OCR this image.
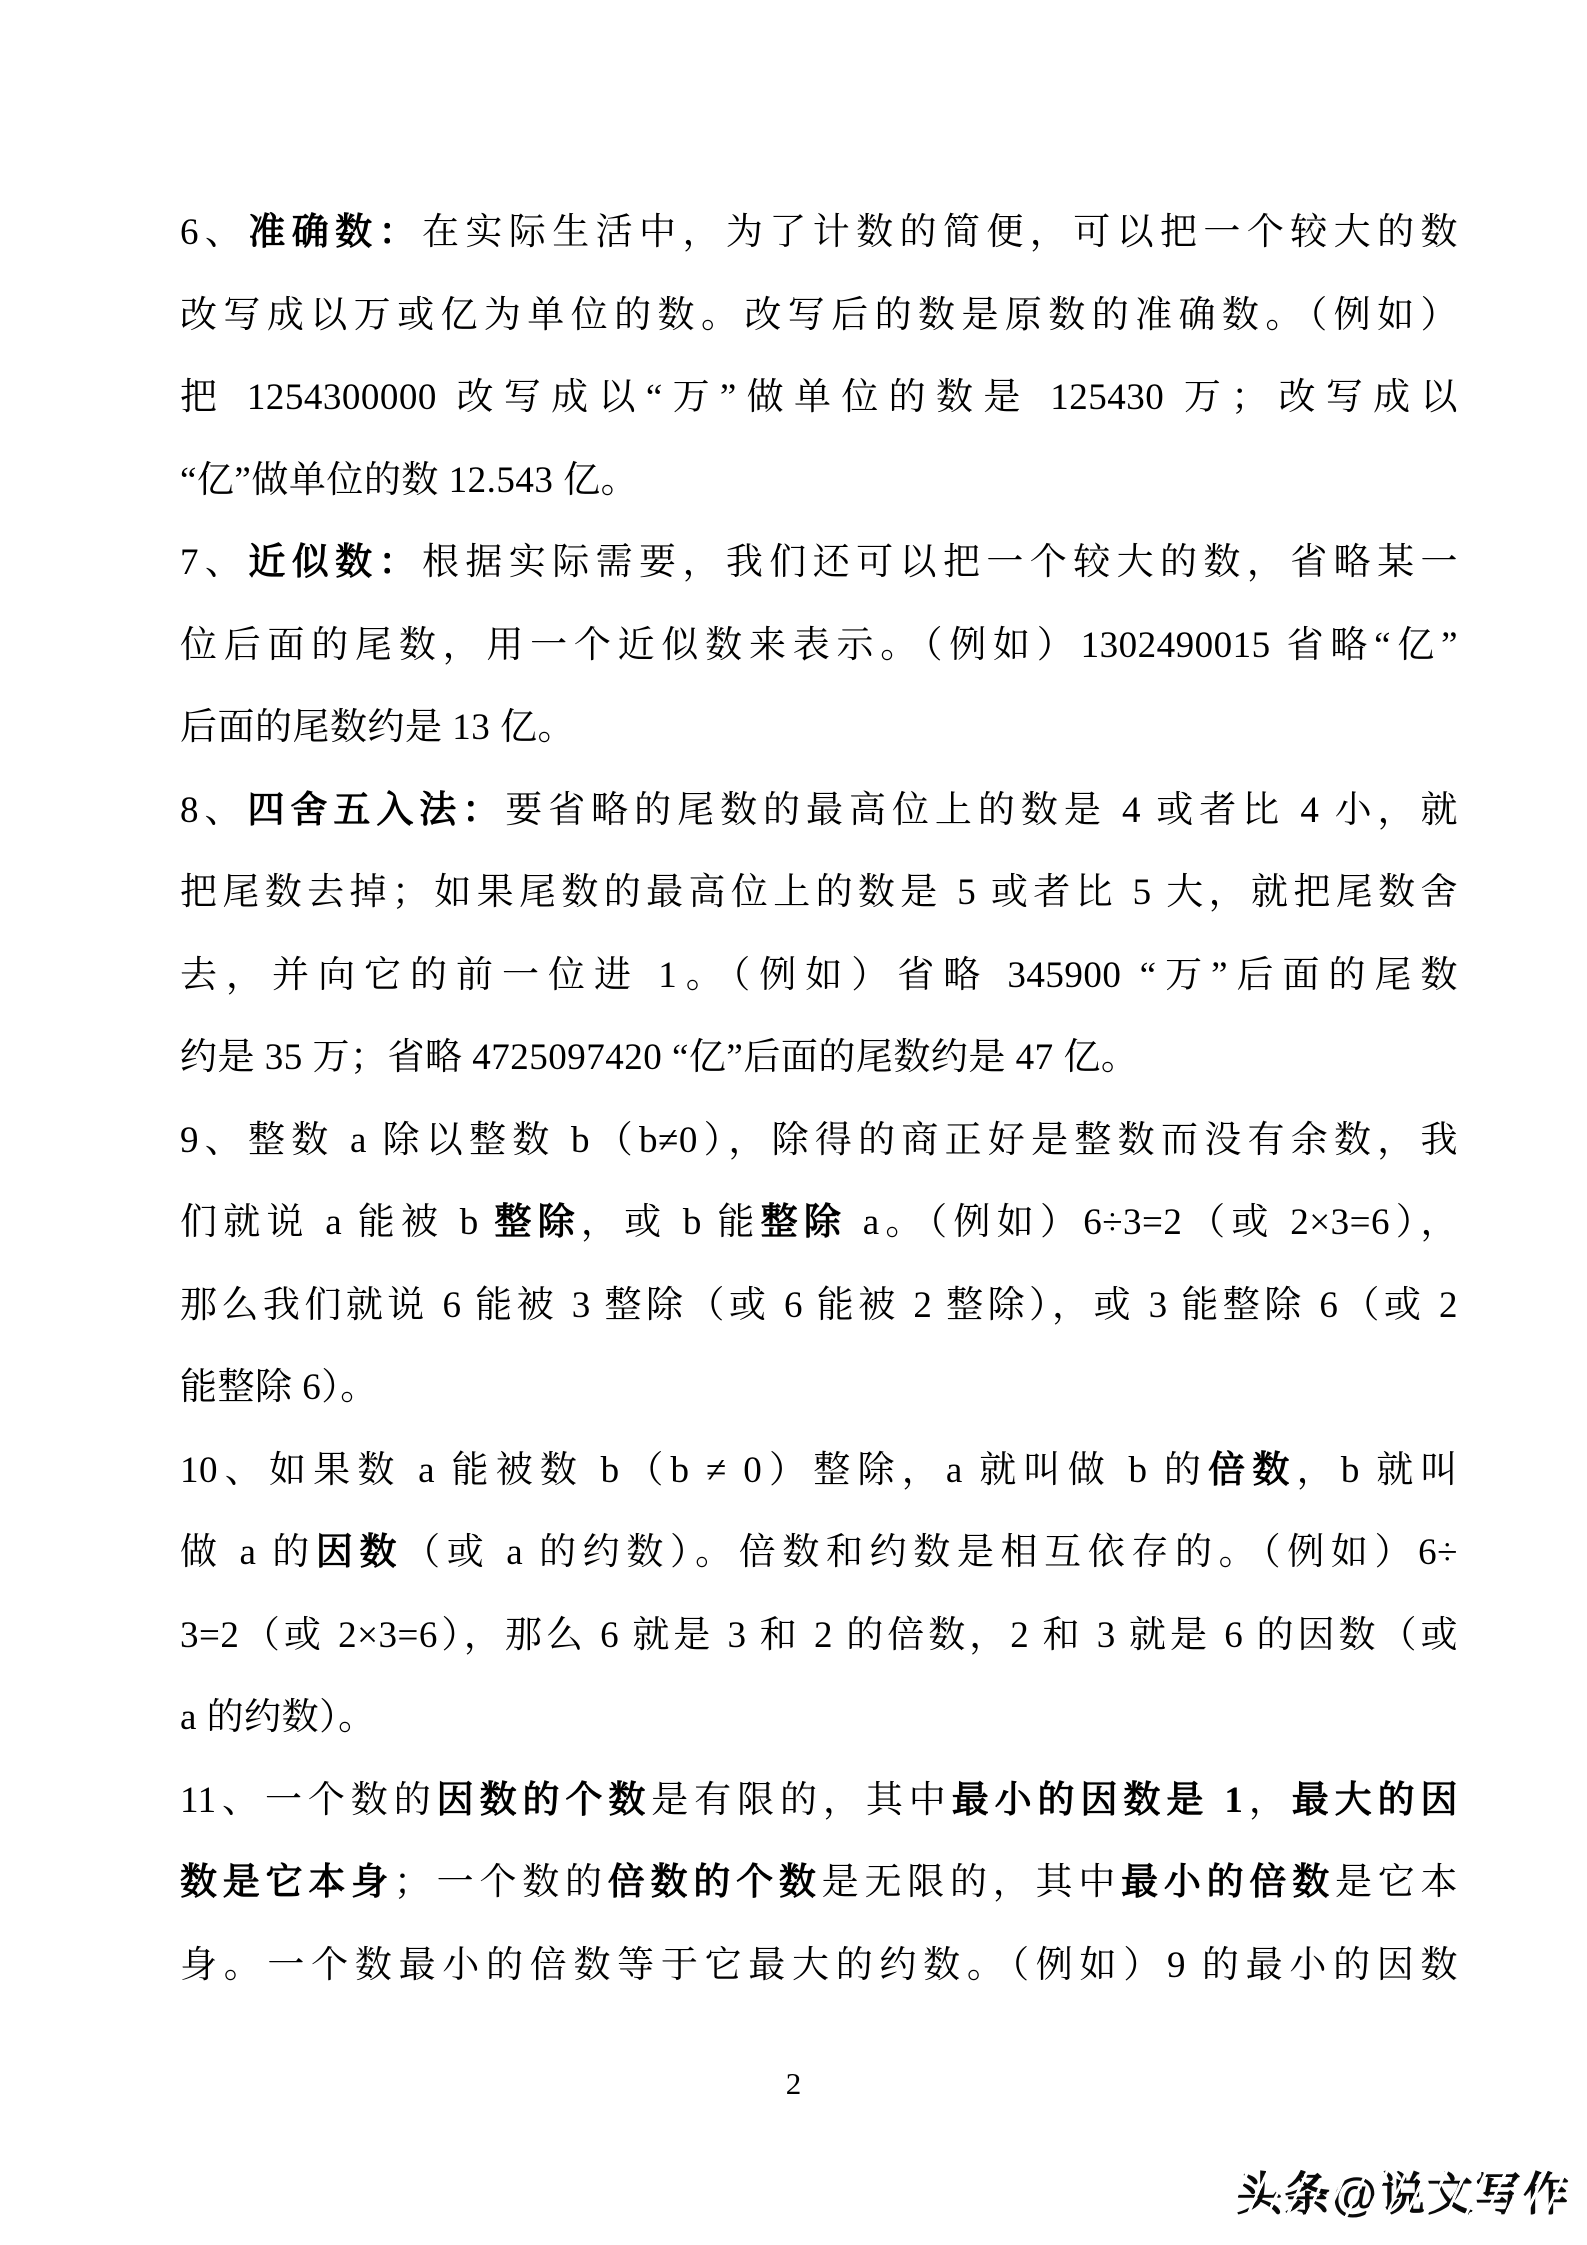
6、准确数：在实际生活中，为了计数的简便，可以把一个较大的数
改写成以万或亿为单位的数。改写后的数是原数的准确数。（例如）
把 1254300000 改写成以“万”做单位的数是 125430 万；改写成以
“亿”做单位的数 12.543 亿。
7、近似数：根据实际需要，我们还可以把一个较大的数，省略某一
位后面的尾数，用一个近似数来表示。（例如）1302490015 省略“亿”
后面的尾数约是 13 亿。
8、四舍五入法：要省略的尾数的最高位上的数是 4 或者比 4 小，就
把尾数去掉；如果尾数的最高位上的数是 5 或者比 5 大，就把尾数舍
去，并向它的前一位进 1。（例如）省略 345900 “万”后面的尾数
约是 35 万；省略 4725097420 “亿”后面的尾数约是 47 亿。
9、整数 a 除以整数 b（b≠0），除得的商正好是整数而没有余数，我
们就说 a 能被 b 整除，或 b 能整除 a。（例如）6÷3=2（或 2×3=6），
那么我们就说 6 能被 3 整除（或 6 能被 2 整除），或 3 能整除 6（或 2
能整除 6）。
10、如果数 a 能被数 b（b ≠ 0）整除，a 就叫做 b 的倍数，b 就叫
做 a 的因数（或 a 的约数）。倍数和约数是相互依存的。（例如）6÷
3=2（或 2×3=6），那么 6 就是 3 和 2 的倍数，2 和 3 就是 6 的因数（或
a 的约数）。
11、一个数的因数的个数是有限的，其中最小的因数是 1，最大的因
数是它本身；一个数的倍数的个数是无限的，其中最小的倍数是它本
身。一个数最小的倍数等于它最大的约数。（例如）9 的最小的因数
2
头条@说文写作
